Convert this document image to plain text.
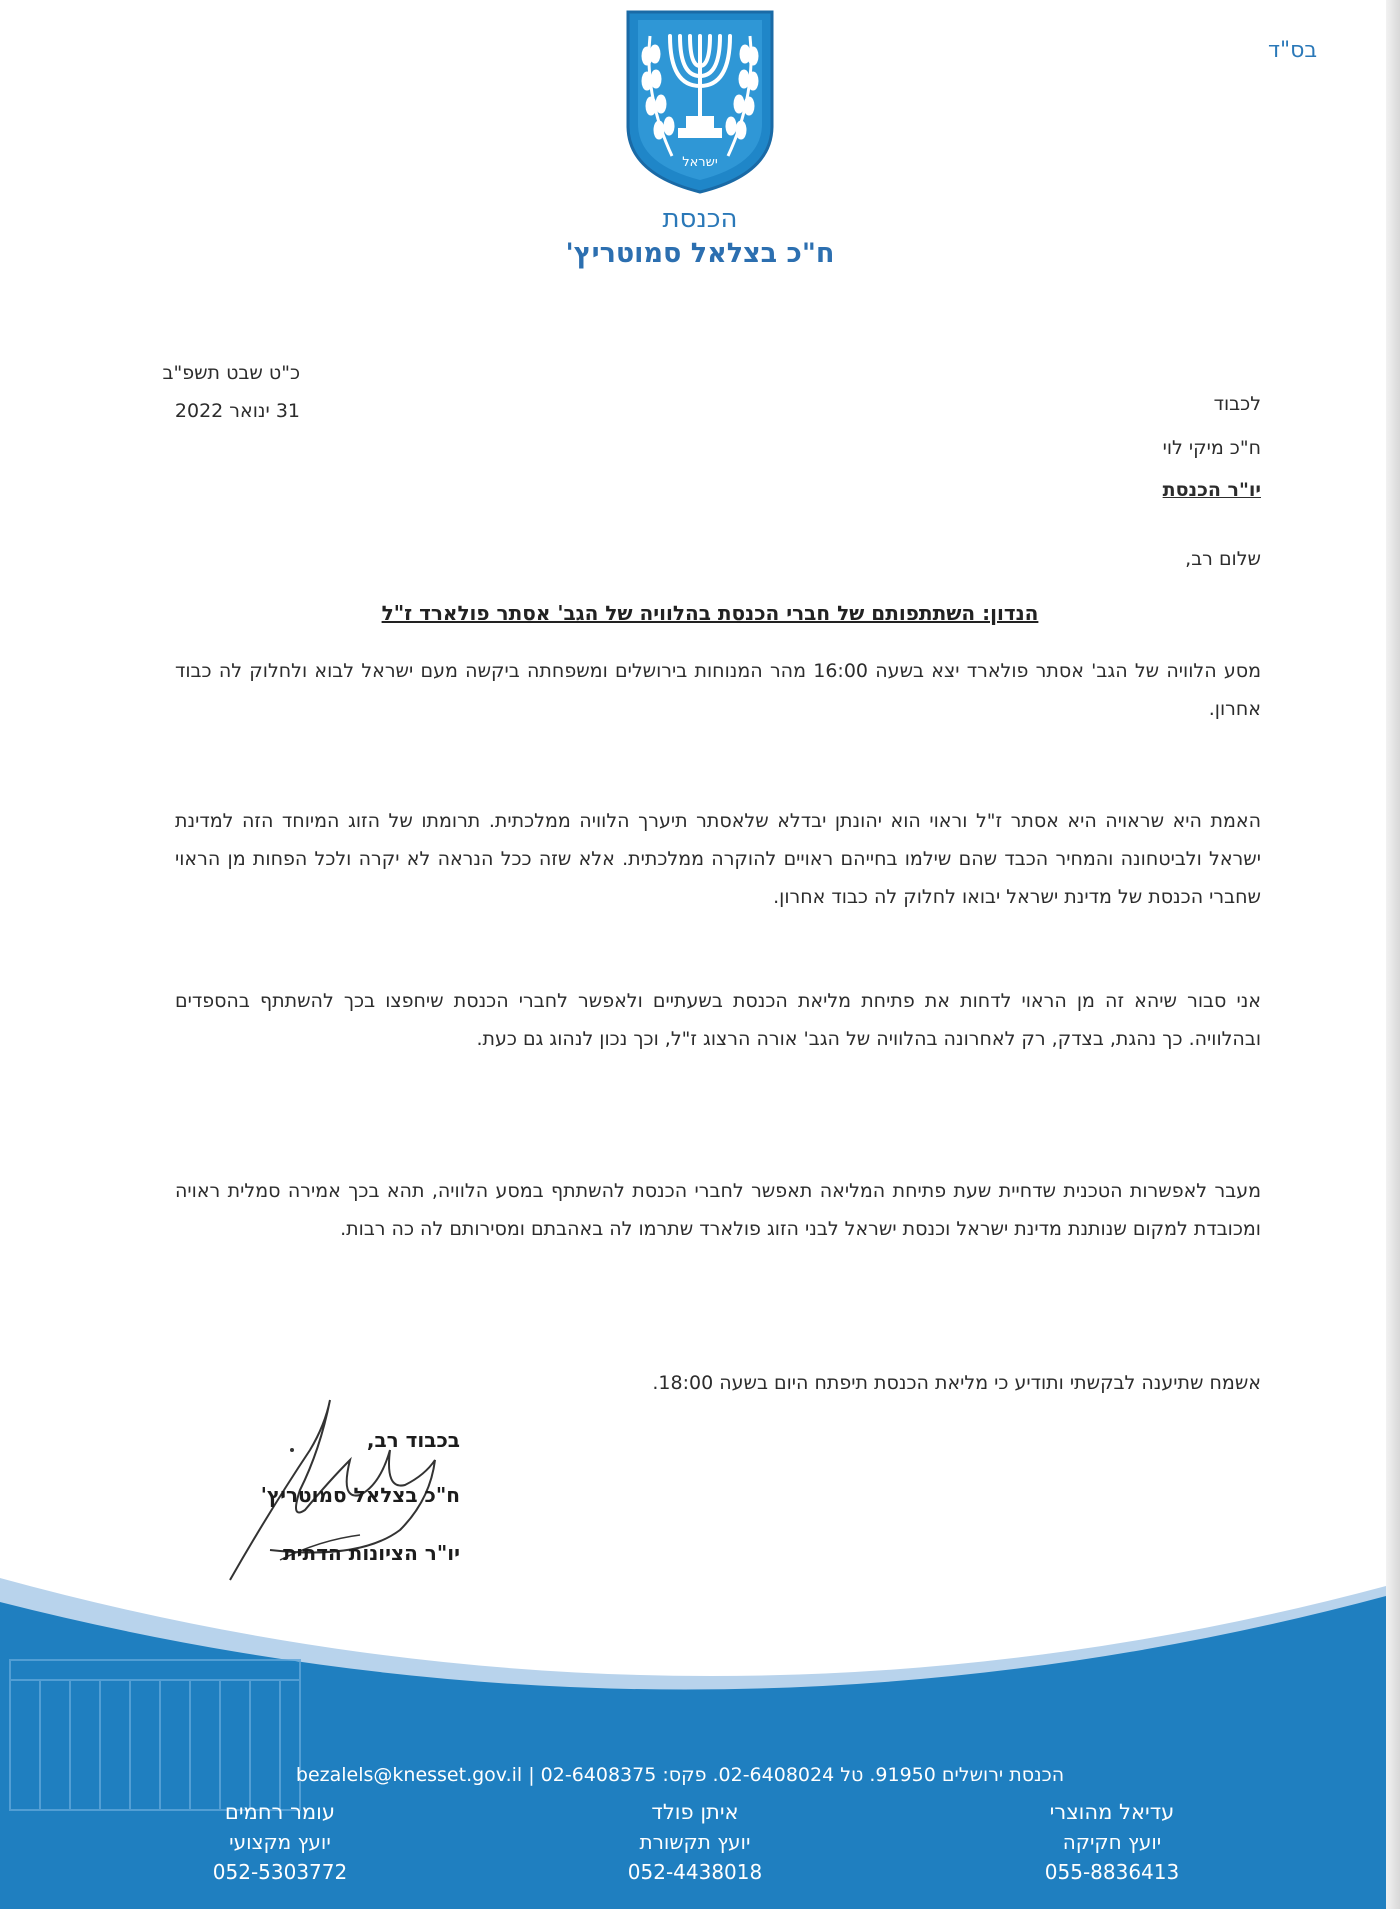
ישראל
הכנסת
ח"כ בצלאל סמוטריץ'
בס"ד
כ"ט שבט תשפ"ב
31 ינואר 2022	לכבוד
ח"כ מיקי לוי
יו"ר הכנסת
שלום רב,
הנדון: השתתפותם של חברי הכנסת בהלוויה של הגב' אסתר פולארד ז"ל
מסע הלוויה של הגב' אסתר פולארד יצא בשעה 16:00 מהר המנוחות בירושלים ומשפחתה ביקשה מעם ישראל לבוא ולחלוק לה כבוד אחרון.
האמת היא שראויה היא אסתר ז"ל וראוי הוא יהונתן יבדלא שלאסתר תיערך הלוויה ממלכתית. תרומתו של הזוג המיוחד הזה למדינת ישראל ולביטחונה והמחיר הכבד שהם שילמו בחייהם ראויים להוקרה ממלכתית. אלא שזה ככל הנראה לא יקרה ולכל הפחות מן הראוי שחברי הכנסת של מדינת ישראל יבואו לחלוק לה כבוד אחרון.
אני סבור שיהא זה מן הראוי לדחות את פתיחת מליאת הכנסת בשעתיים ולאפשר לחברי הכנסת שיחפצו בכך להשתתף בהספדים ובהלוויה. כך נהגת, בצדק, רק לאחרונה בהלוויה של הגב' אורה הרצוג ז"ל, וכך נכון לנהוג גם כעת.
מעבר לאפשרות הטכנית שדחיית שעת פתיחת המליאה תאפשר לחברי הכנסת להשתתף במסע הלוויה, תהא בכך אמירה סמלית ראויה ומכובדת למקום שנותנת מדינת ישראל וכנסת ישראל לבני הזוג פולארד שתרמו לה באהבתם ומסירותם לה כה רבות.
אשמח שתיענה לבקשתי ותודיע כי מליאת הכנסת תיפתח היום בשעה 18:00.
בכבוד רב,
ח"כ בצלאל סמוטריץ'
יו"ר הציונות הדתית
הכנסת ירושלים 91950. טל 02-6408024. פקס: 02-6408375 | bezalels@knesset.gov.il
עדיאל מהוצרי
יועץ חקיקה
055-8836413
איתן פולד
יועץ תקשורת
052-4438018
עומר רחמים
יועץ מקצועי
052-5303772
